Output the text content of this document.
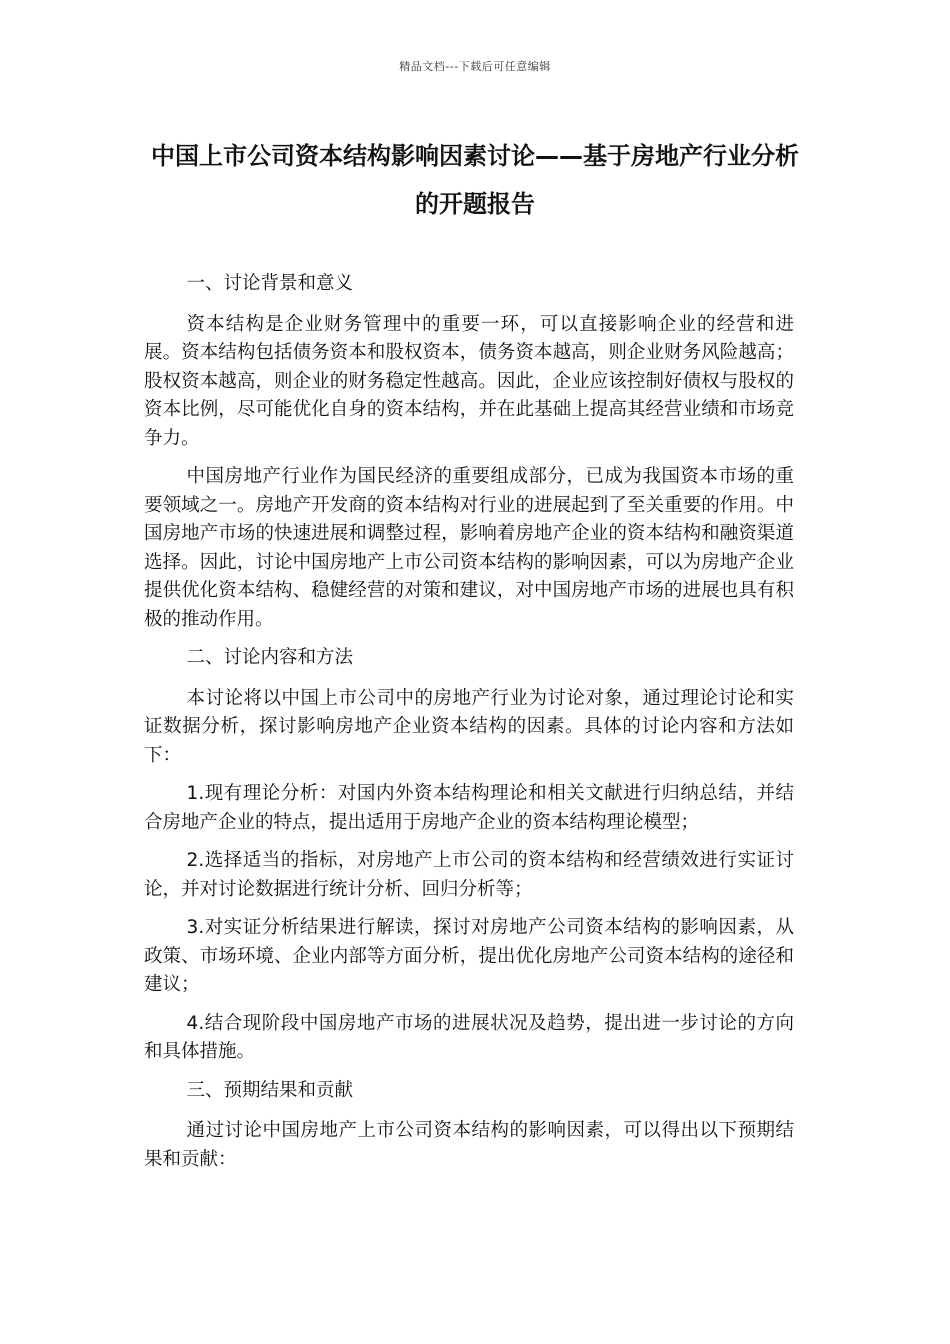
精品文档---下载后可任意编辑
中国上市公司资本结构影响因素讨论——基于房地产行业分析的开题报告

一、讨论背景和意义

资本结构是企业财务管理中的重要一环，可以直接影响企业的经营和进展。资本结构包括债务资本和股权资本，债务资本越高，则企业财务风险越高；股权资本越高，则企业的财务稳定性越高。因此，企业应该控制好债权与股权的资本比例，尽可能优化自身的资本结构，并在此基础上提高其经营业绩和市场竞争力。

中国房地产行业作为国民经济的重要组成部分，已成为我国资本市场的重要领域之一。房地产开发商的资本结构对行业的进展起到了至关重要的作用。中国房地产市场的快速进展和调整过程，影响着房地产企业的资本结构和融资渠道选择。因此，讨论中国房地产上市公司资本结构的影响因素，可以为房地产企业提供优化资本结构、稳健经营的对策和建议，对中国房地产市场的进展也具有积极的推动作用。

二、讨论内容和方法

本讨论将以中国上市公司中的房地产行业为讨论对象，通过理论讨论和实证数据分析，探讨影响房地产企业资本结构的因素。具体的讨论内容和方法如下：

1.现有理论分析：对国内外资本结构理论和相关文献进行归纳总结，并结合房地产企业的特点，提出适用于房地产企业的资本结构理论模型；

2.选择适当的指标，对房地产上市公司的资本结构和经营绩效进行实证讨论，并对讨论数据进行统计分析、回归分析等；

3.对实证分析结果进行解读，探讨对房地产公司资本结构的影响因素，从政策、市场环境、企业内部等方面分析，提出优化房地产公司资本结构的途径和建议；

4.结合现阶段中国房地产市场的进展状况及趋势，提出进一步讨论的方向和具体措施。

三、预期结果和贡献

通过讨论中国房地产上市公司资本结构的影响因素，可以得出以下预期结果和贡献：
